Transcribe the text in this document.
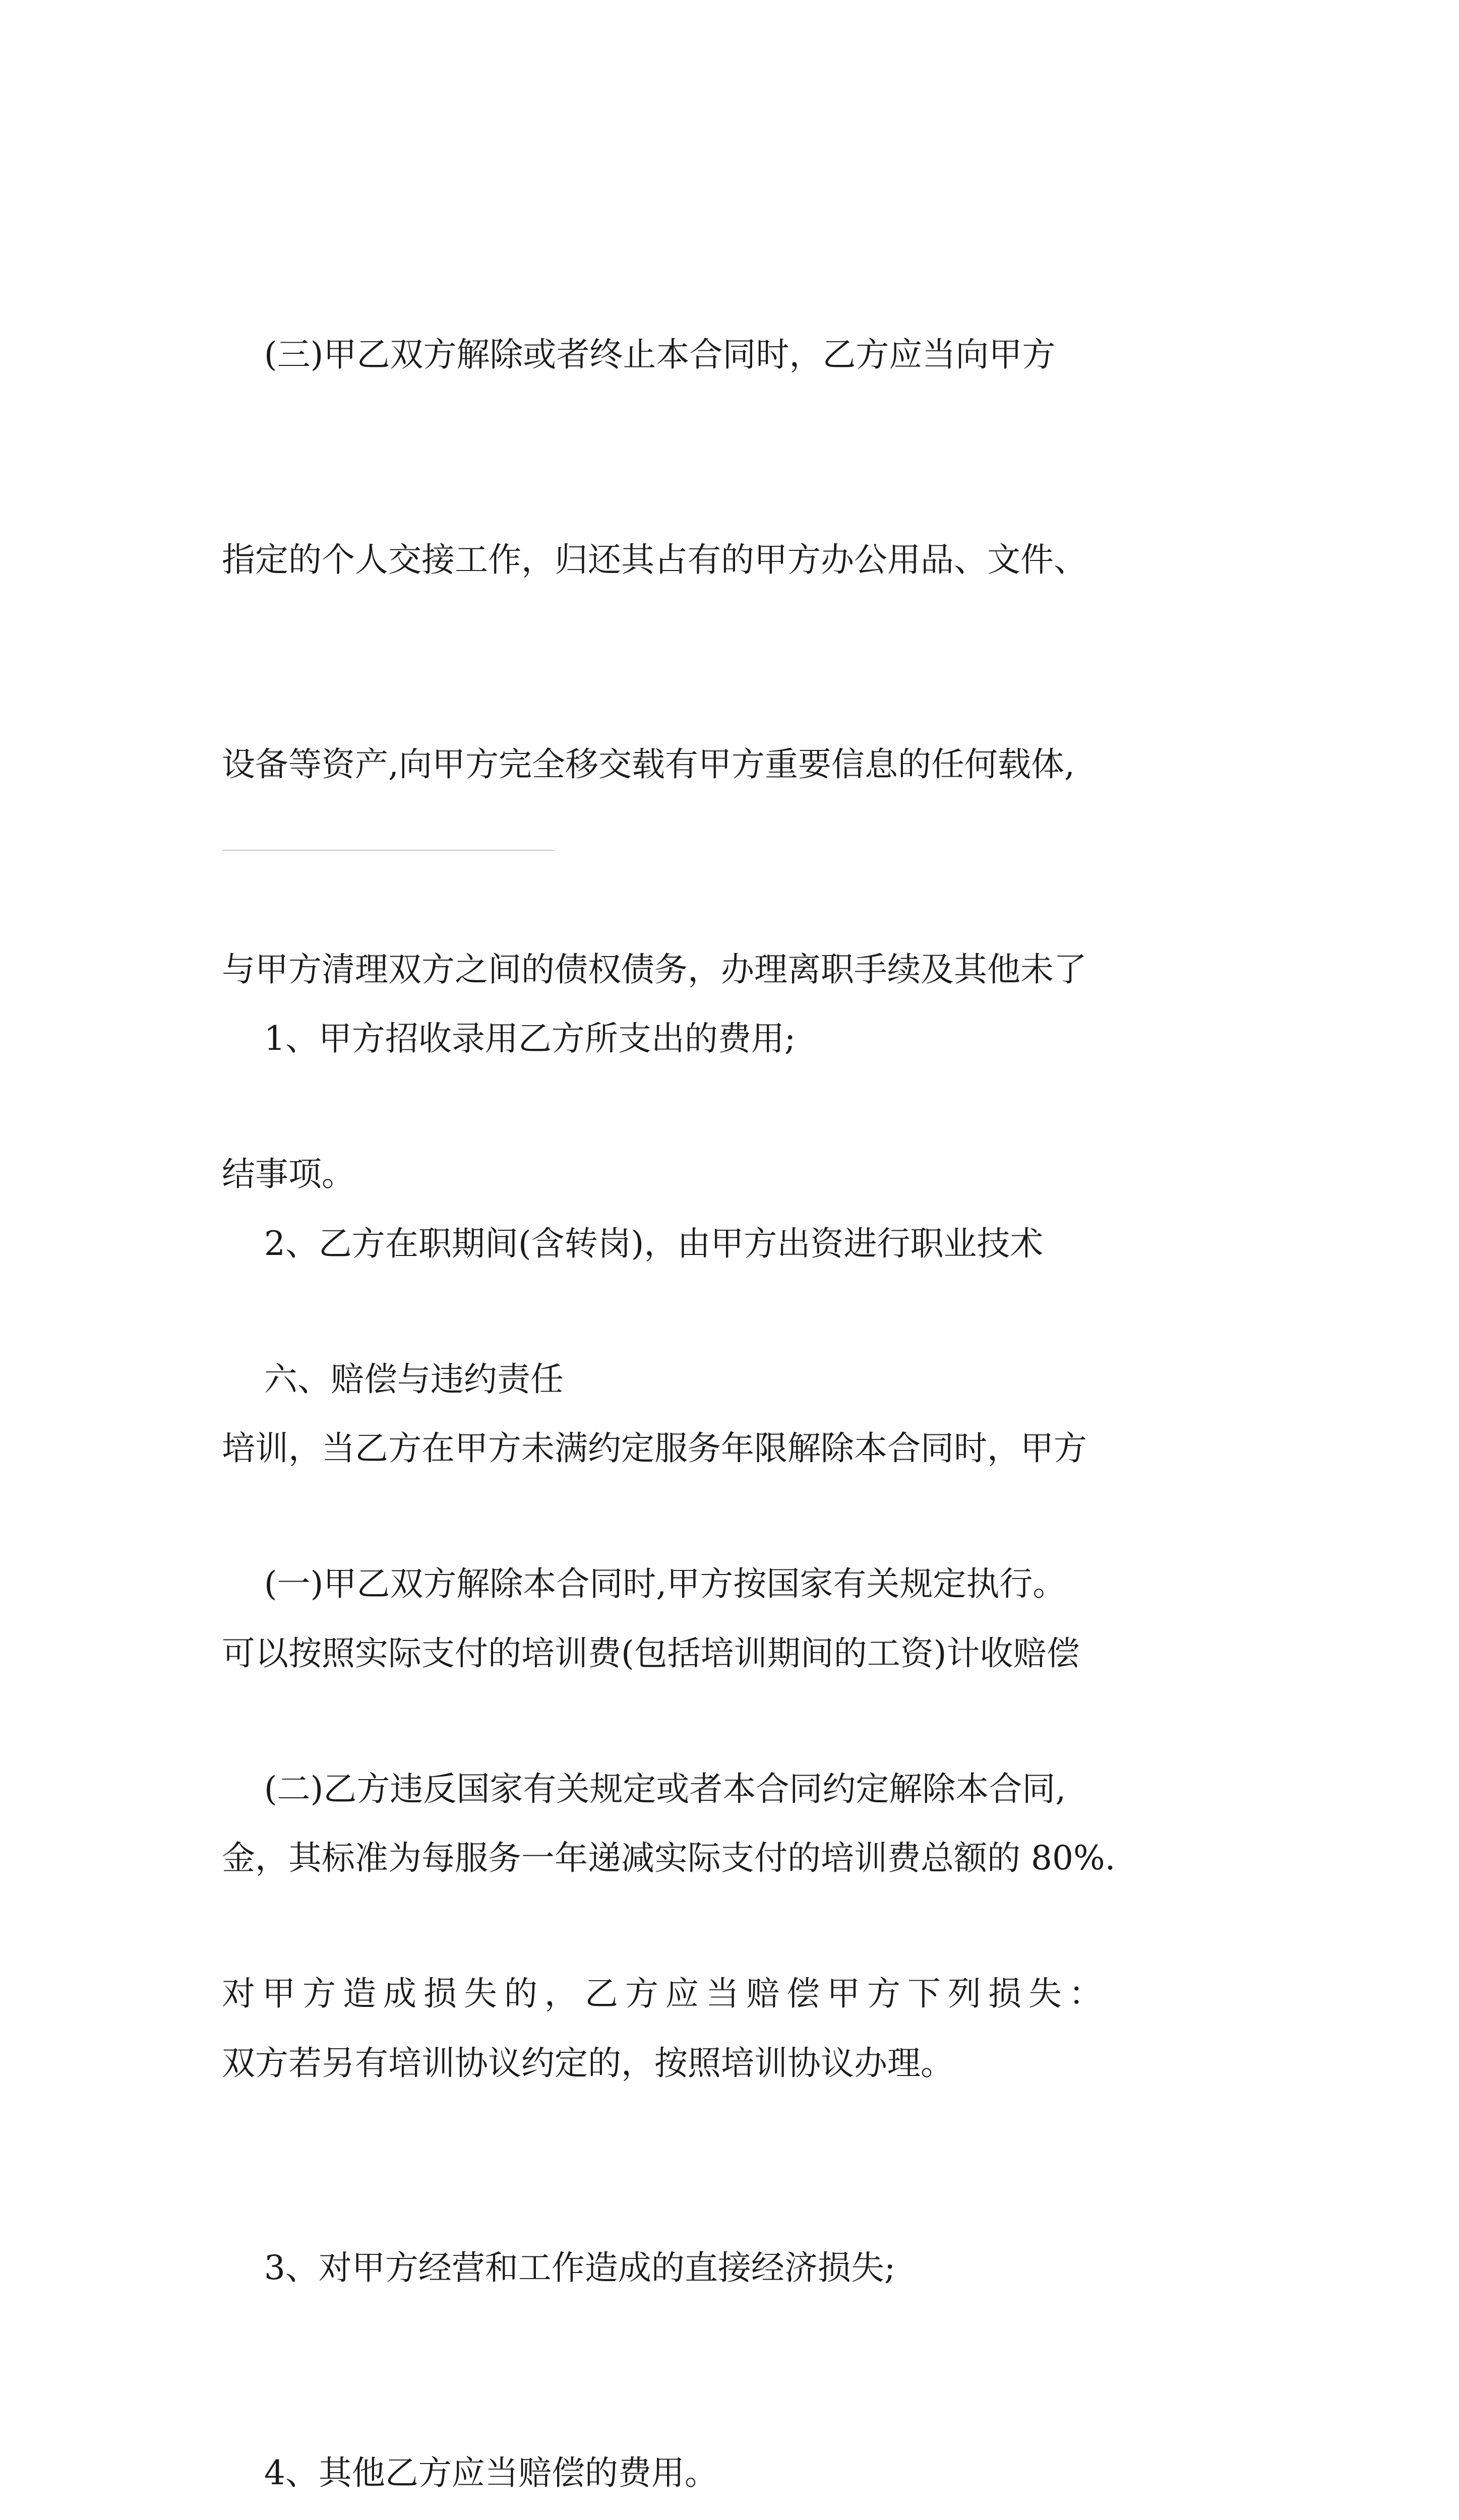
(三)甲乙双方解除或者终止本合同时，乙方应当向甲方

指定的个人交接工作，归还其占有的甲方办公用品、文件、

设备等资产,向甲方完全移交载有甲方重要信息的任何载体,

与甲方清理双方之间的债权债务，办理离职手续及其他未了

结事项。

六、赔偿与违约责任

(一)甲乙双方解除本合同时,甲方按国家有关规定执行。

(二)乙方违反国家有关规定或者本合同约定解除本合同,

对甲方造成损失的，乙方应当赔偿甲方下列损失：

1、甲方招收录用乙方所支出的费用;

2、乙方在职期间(含转岗)，由甲方出资进行职业技术

培训，当乙方在甲方未满约定服务年限解除本合同时，甲方

可以按照实际支付的培训费(包括培训期间的工资)计收赔偿

金，其标准为每服务一年递减实际支付的培训费总额的 80%.

双方若另有培训协议约定的，按照培训协议办理。

3、对甲方经营和工作造成的直接经济损失;

4、其他乙方应当赔偿的费用。
